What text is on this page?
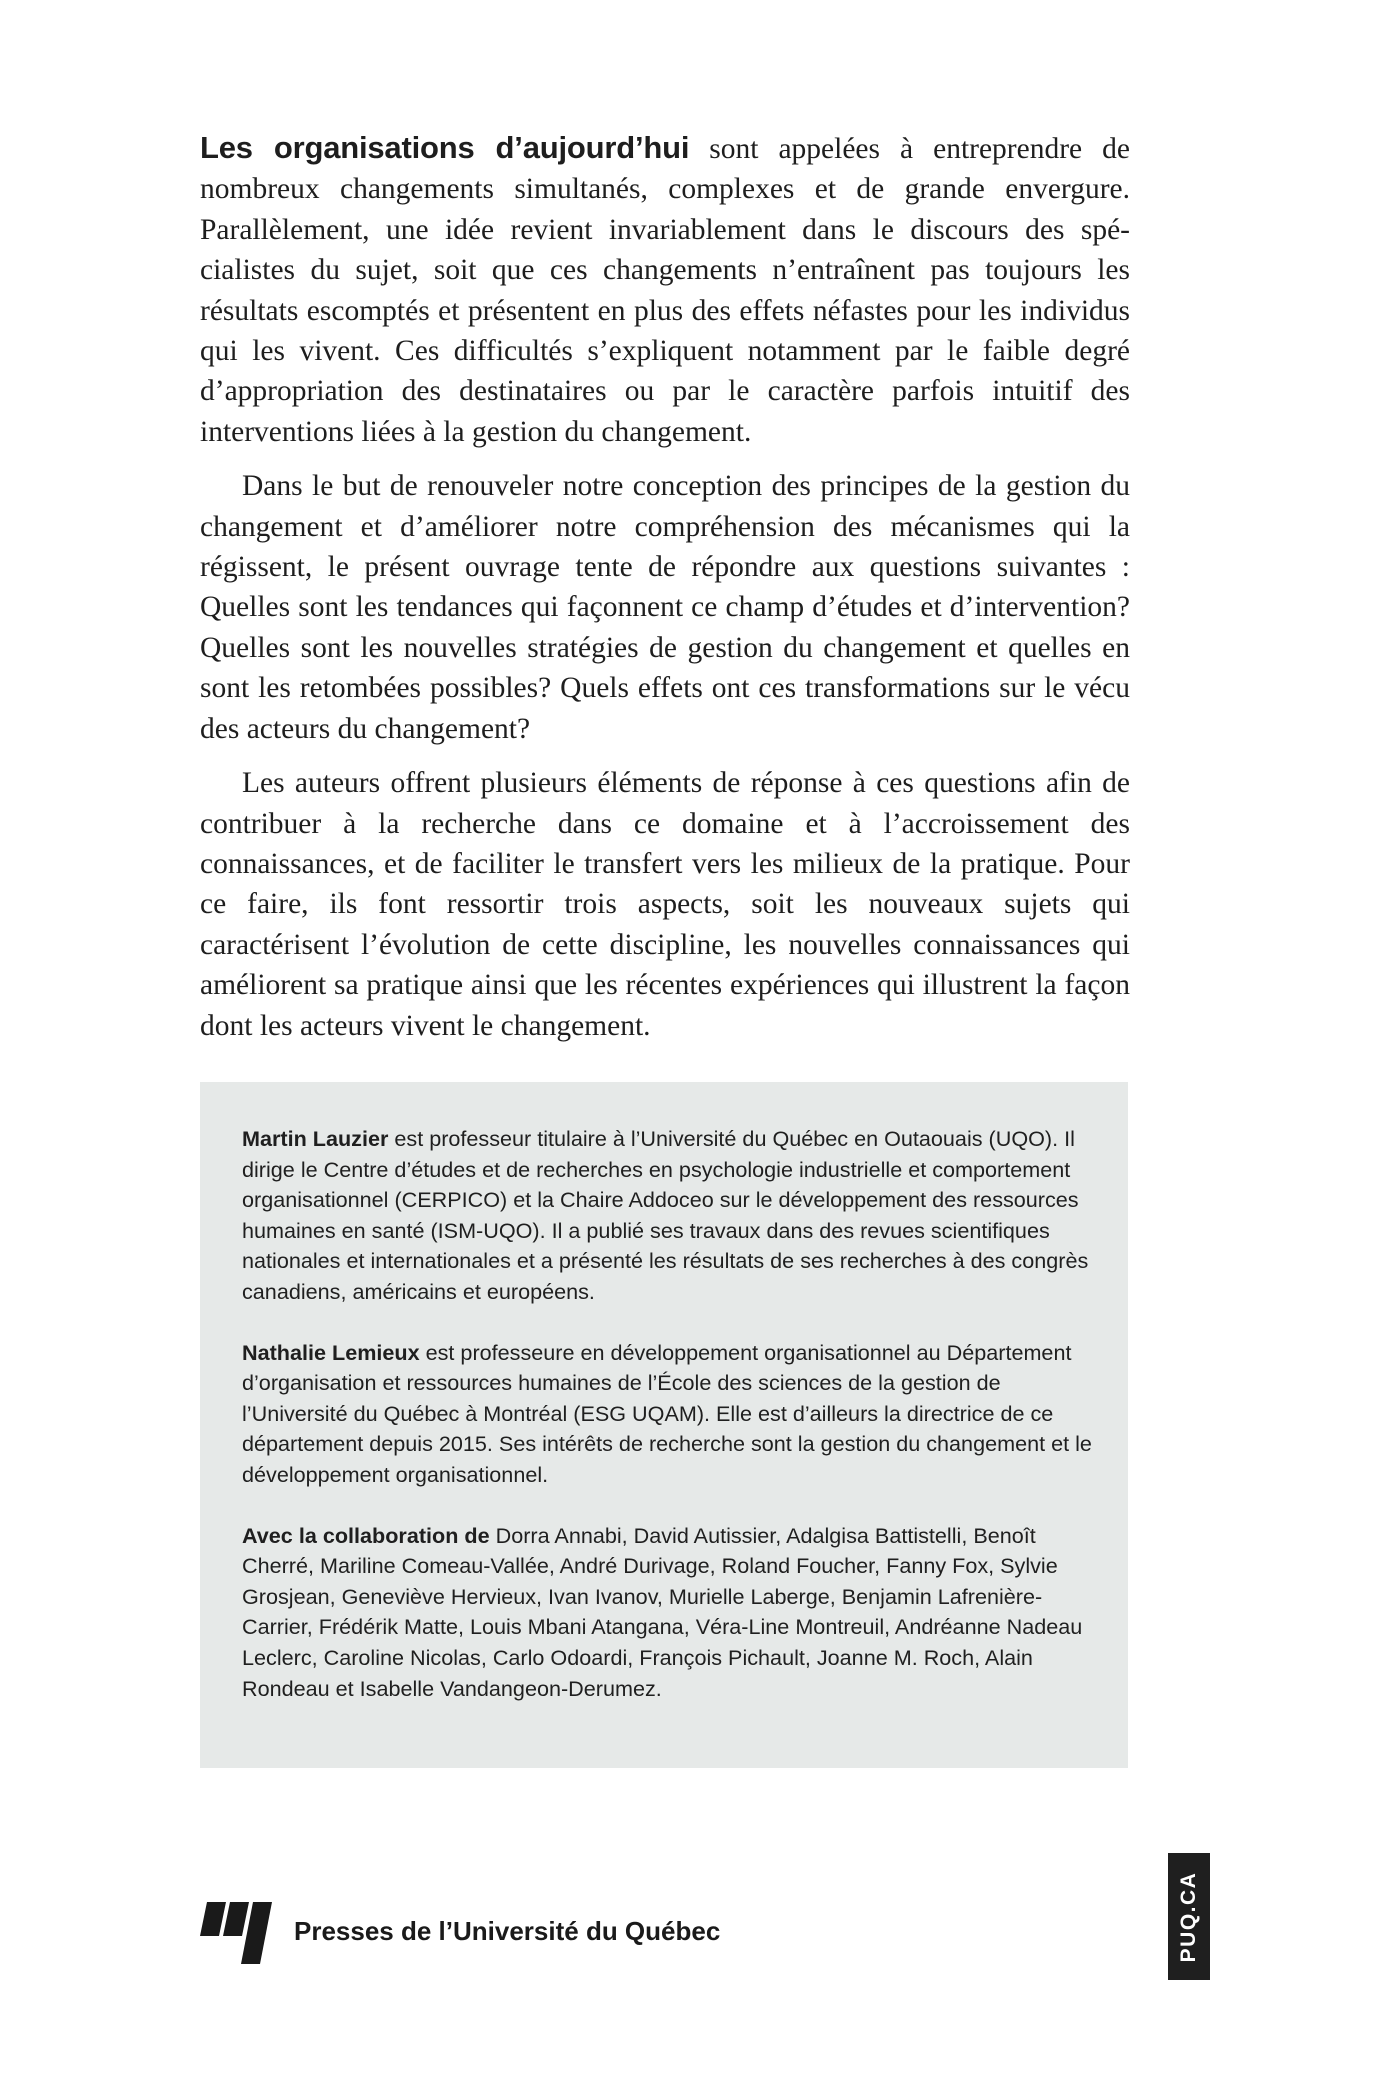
Les organisations d’aujourd’hui sont appelées à entreprendre de nombreux changements simultanés, complexes et de grande envergure. Parallèlement, une idée revient invariablement dans le discours des spécialistes du sujet, soit que ces changements n’entraînent pas toujours les résultats escomptés et présentent en plus des effets néfastes pour les individus qui les vivent. Ces difficultés s’expliquent notamment par le faible degré d’appropriation des destinataires ou par le caractère parfois intuitif des interventions liées à la gestion du changement.

Dans le but de renouveler notre conception des principes de la gestion du changement et d’améliorer notre compréhension des mécanismes qui la régissent, le présent ouvrage tente de répondre aux questions suivantes : Quelles sont les tendances qui façonnent ce champ d’études et d’intervention? Quelles sont les nouvelles stratégies de gestion du changement et quelles en sont les retombées possibles? Quels effets ont ces transformations sur le vécu des acteurs du changement?

Les auteurs offrent plusieurs éléments de réponse à ces questions afin de contribuer à la recherche dans ce domaine et à l’accroissement des connaissances, et de faciliter le transfert vers les milieux de la pratique. Pour ce faire, ils font ressortir trois aspects, soit les nouveaux sujets qui caractérisent l’évolution de cette discipline, les nouvelles connaissances qui améliorent sa pratique ainsi que les récentes expériences qui illustrent la façon dont les acteurs vivent le changement.

Martin Lauzier est professeur titulaire à l’Université du Québec en Outaouais (UQO). Il dirige le Centre d’études et de recherches en psychologie industrielle et comportement organisationnel (CERPICO) et la Chaire Addoceo sur le développement des ressources humaines en santé (ISM-UQO). Il a publié ses travaux dans des revues scientifiques nationales et internationales et a présenté les résultats de ses recherches à des congrès canadiens, américains et européens.

Nathalie Lemieux est professeure en développement organisationnel au Département d’organisation et ressources humaines de l’École des sciences de la gestion de l’Université du Québec à Montréal (ESG UQAM). Elle est d’ailleurs la directrice de ce département depuis 2015. Ses intérêts de recherche sont la gestion du changement et le développement organisationnel.

Avec la collaboration de Dorra Annabi, David Autissier, Adalgisa Battistelli, Benoît Cherré, Mariline Comeau-Vallée, André Durivage, Roland Foucher, Fanny Fox, Sylvie Grosjean, Geneviève Hervieux, Ivan Ivanov, Murielle Laberge, Benjamin Lafrenière-Carrier, Frédérik Matte, Louis Mbani Atangana, Véra-Line Montreuil, Andréanne Nadeau Leclerc, Caroline Nicolas, Carlo Odoardi, François Pichault, Joanne M. Roch, Alain Rondeau et Isabelle Vandangeon-Derumez.

Presses de l’Université du Québec	PUQ.CA
